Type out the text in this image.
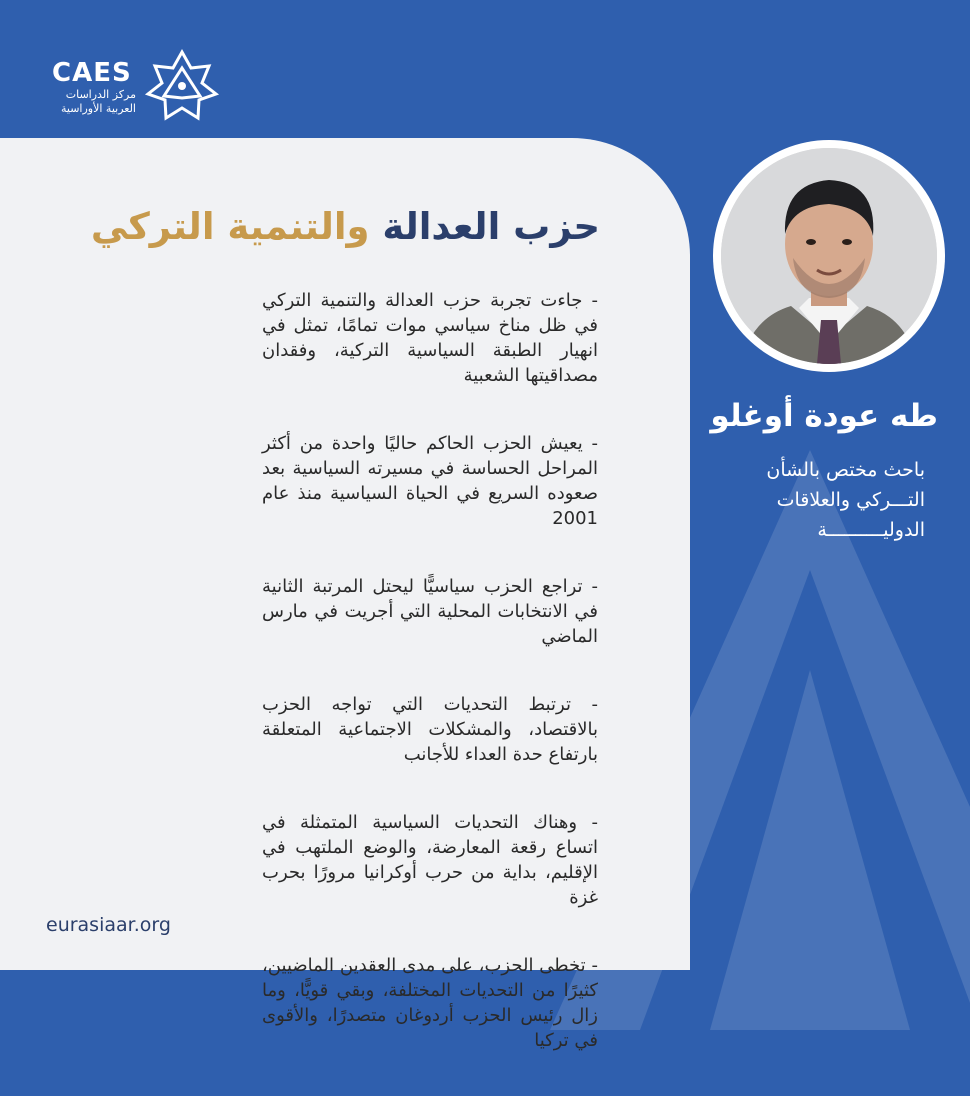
CAES
مركز الدراسات
العربية الأوراسية
حزب العدالة والتنمية التركي

- جاءت تجربة حزب العدالة والتنمية التركي في ظل مناخ سياسي موات تمامًا، تمثل في انهيار الطبقة السياسية التركية، وفقدان مصداقيتها الشعبية

- يعيش الحزب الحاكم حاليًا واحدة من أكثر المراحل الحساسة في مسيرته السياسية بعد صعوده السريع في الحياة السياسية منذ عام 2001

- تراجع الحزب سياسيًّا ليحتل المرتبة الثانية في الانتخابات المحلية التي أجريت في مارس الماضي

- ترتبط التحديات التي تواجه الحزب بالاقتصاد، والمشكلات الاجتماعية المتعلقة بارتفاع حدة العداء للأجانب

- وهناك التحديات السياسية المتمثلة في اتساع رقعة المعارضة، والوضع الملتهب في الإقليم، بداية من حرب أوكرانيا مرورًا بحرب غزة

- تخطى الحزب، على مدى العقدين الماضيين، كثيرًا من التحديات المختلفة، وبقي قويًّا، وما زال رئيس الحزب أردوغان متصدرًا، والأقوى في تركيا

eurasiaar.org
طه عودة أوغلو
باحث مختص بالشأن
التـــركي والعلاقات
الدوليــــــــــة
